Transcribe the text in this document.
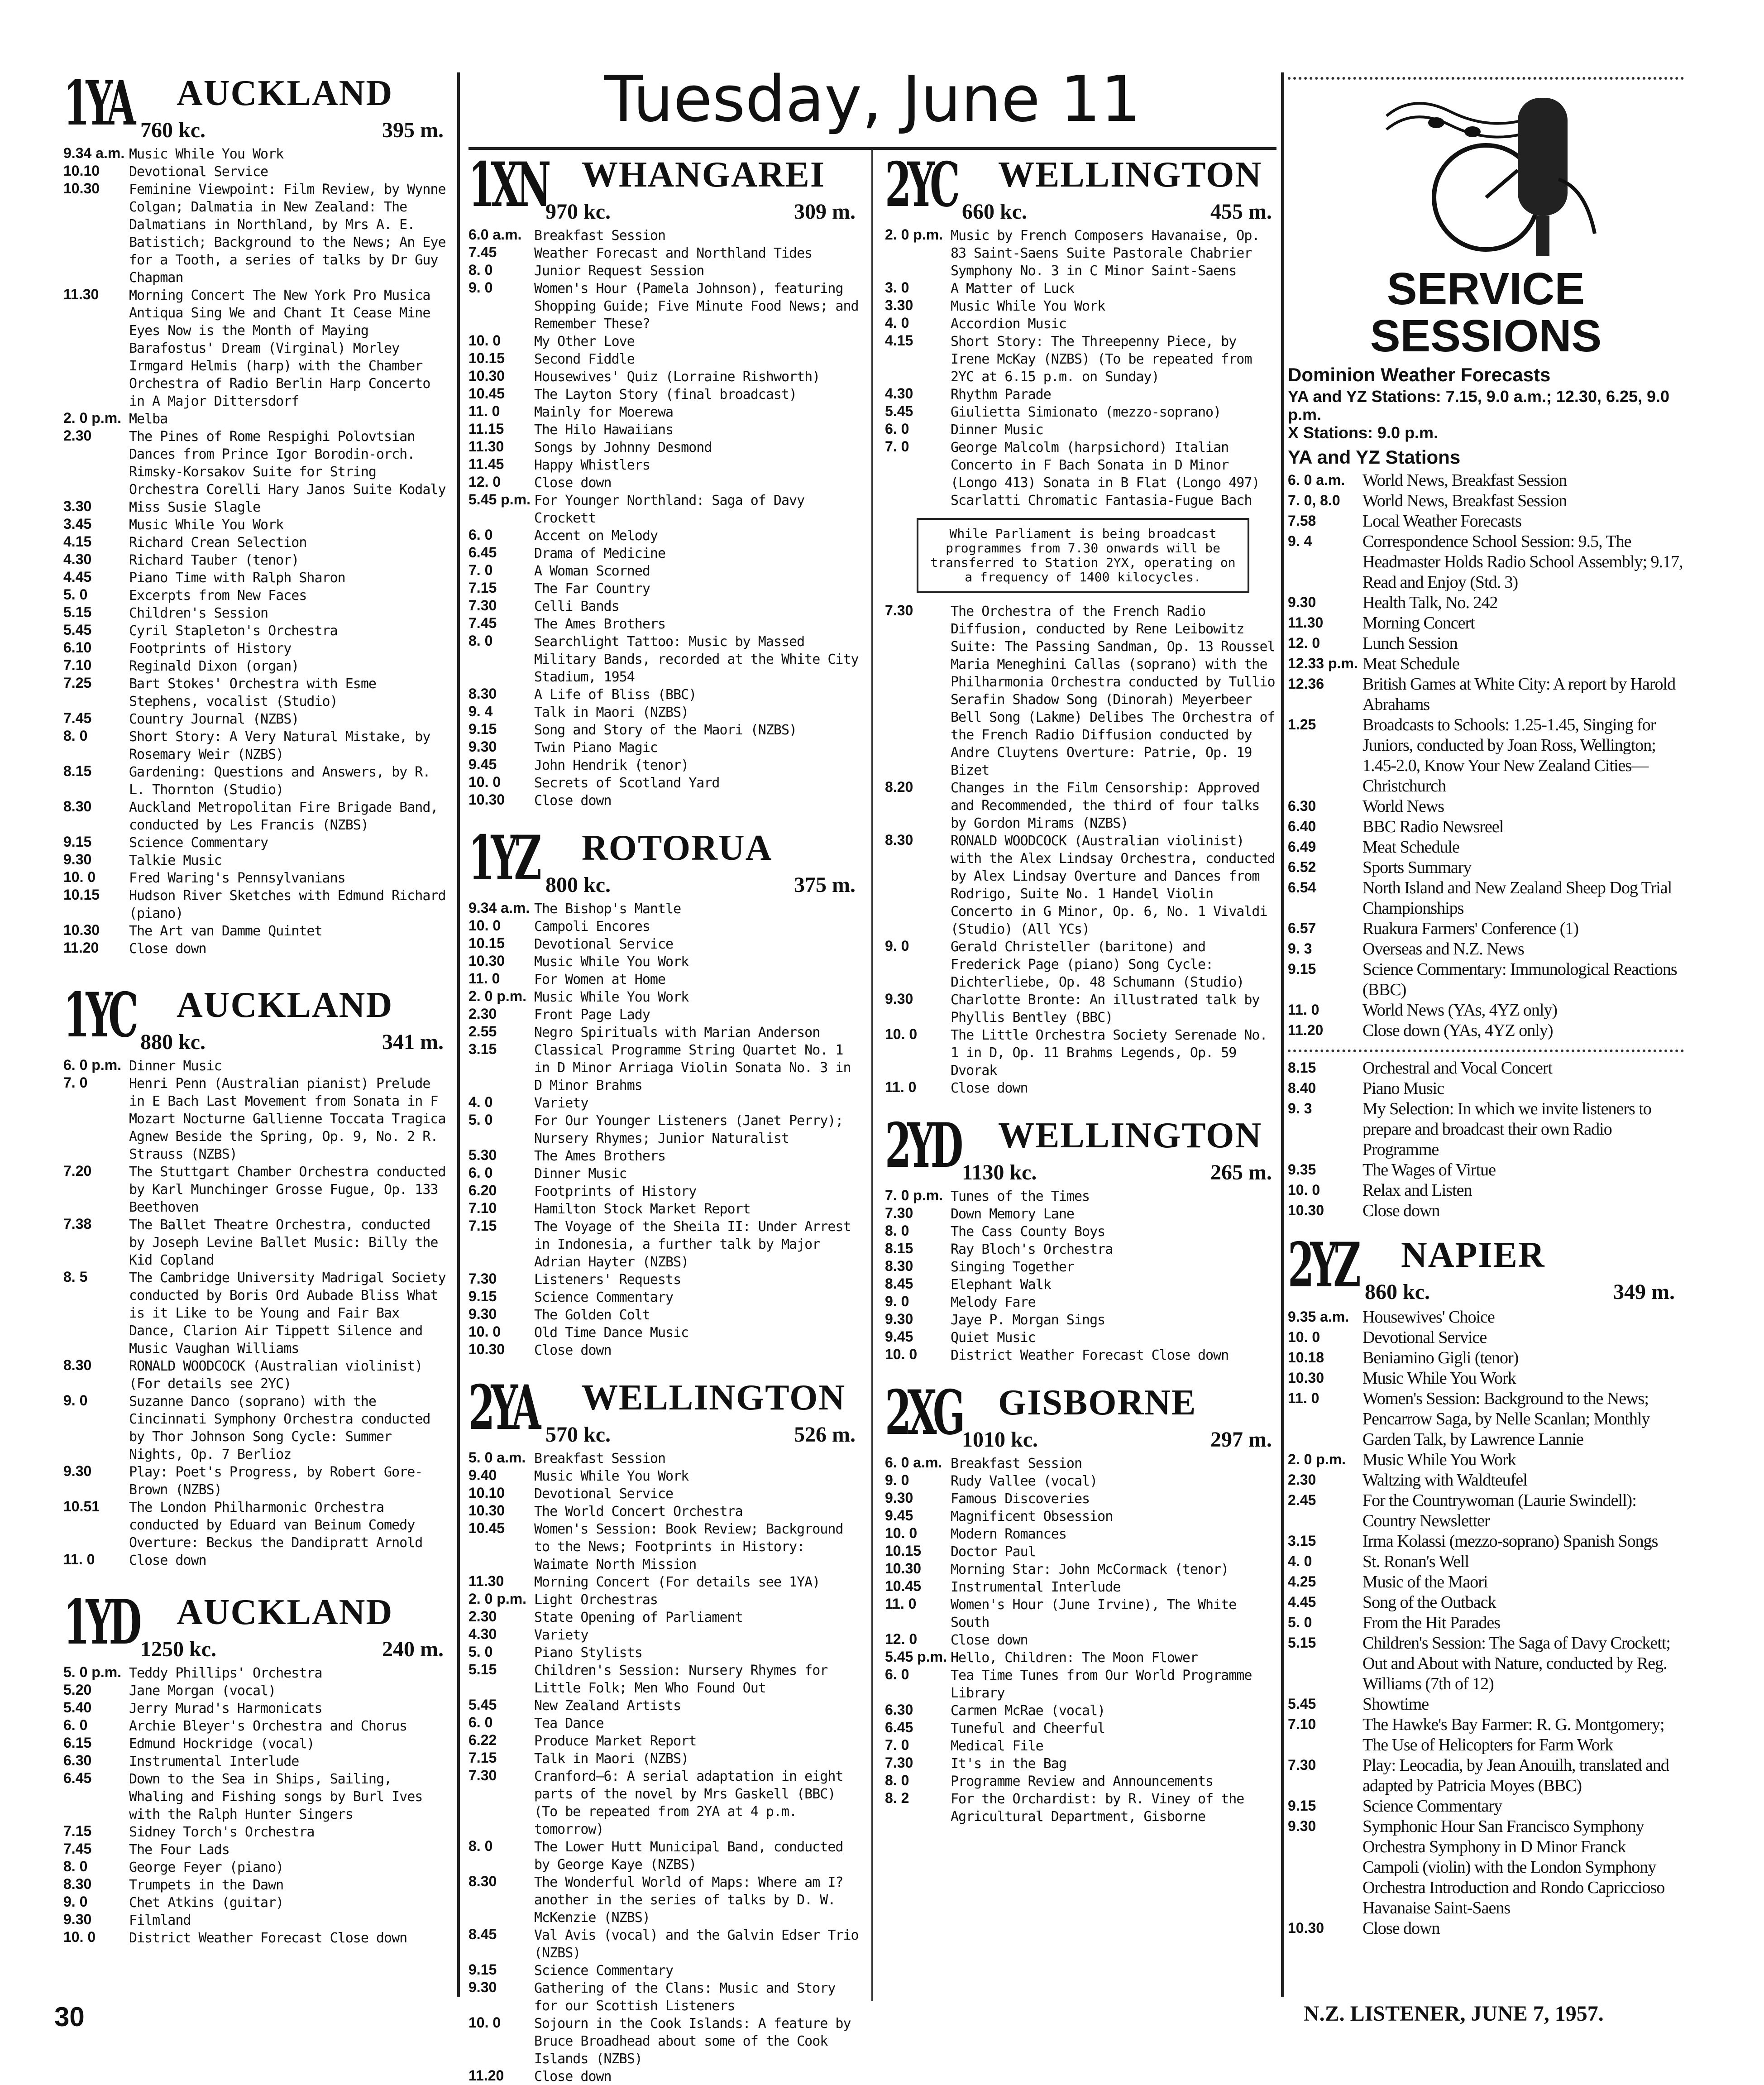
Tuesday, June 11
1YA AUCKLAND
760 kc.	395 m.
9.34 a.m. Music While You Work
10.10 Devotional Service
10.30 Feminine Viewpoint: Film Review, by Wynne Colgan; Dalmatia in New Zealand: The Dalmatians in Northland, by Mrs A. E. Batistich; Background to the News; An Eye for a Tooth, a series of talks by Dr Guy Chapman
11.30 Morning Concert The New York Pro Musica Antiqua Sing We and Chant It Cease Mine Eyes Now is the Month of Maying Barafostus' Dream (Virginal) Morley Irmgard Helmis (harp) with the Chamber Orchestra of Radio Berlin Harp Concerto in A Major Dittersdorf
2. 0 p.m. Melba
2.30	The Pines of Rome Respighi Polovtsian Dances from Prince Igor Borodin-orch. Rimsky-Korsakov Suite for String Orchestra Corelli Hary Janos Suite Kodaly
3.30	Miss Susie Slagle
3.45	Music While You Work
4.15	Richard Crean Selection
4.30	Richard Tauber (tenor)
4.45	Piano Time with Ralph Sharon
5. 0	Excerpts from New Faces
5.15	Children's Session
5.45	Cyril Stapleton's Orchestra
6.10	Footprints of History
7.10	Reginald Dixon (organ)
7.25	Bart Stokes' Orchestra with Esme Stephens, vocalist (Studio)
7.45	Country Journal (NZBS)
8. 0	Short Story: A Very Natural Mistake, by Rosemary Weir (NZBS)
8.15	Gardening: Questions and Answers, by R. L. Thornton (Studio)
8.30	Auckland Metropolitan Fire Brigade Band, conducted by Les Francis (NZBS)
9.15	Science Commentary
9.30	Talkie Music
10. 0 Fred Waring's Pennsylvanians
10.15 Hudson River Sketches with Edmund Richard (piano)
10.30 The Art van Damme Quintet
11.20 Close down
1YC AUCKLAND
880 kc.	341 m.
6. 0 p.m. Dinner Music
7. 0	Henri Penn (Australian pianist) Prelude in E Bach Last Movement from Sonata in F Mozart Nocturne Gallienne Toccata Tragica Agnew Beside the Spring, Op. 9, No. 2 R. Strauss (NZBS)
7.20	The Stuttgart Chamber Orchestra conducted by Karl Munchinger Grosse Fugue, Op. 133 Beethoven
7.38	The Ballet Theatre Orchestra, conducted by Joseph Levine Ballet Music: Billy the Kid Copland
8. 5	The Cambridge University Madrigal Society conducted by Boris Ord Aubade Bliss What is it Like to be Young and Fair Bax Dance, Clarion Air Tippett Silence and Music Vaughan Williams
8.30	RONALD WOODCOCK (Australian violinist) (For details see 2YC)
9. 0	Suzanne Danco (soprano) with the Cincinnati Symphony Orchestra conducted by Thor Johnson Song Cycle: Summer Nights, Op. 7 Berlioz
9.30	Play: Poet's Progress, by Robert Gore-Brown (NZBS)
10.51 The London Philharmonic Orchestra conducted by Eduard van Beinum Comedy Overture: Beckus the Dandipratt Arnold
11. 0	Close down
1YD AUCKLAND
1250 kc.	240 m.
5. 0 p.m. Teddy Phillips' Orchestra
5.20	Jane Morgan (vocal)
5.40	Jerry Murad's Harmonicats
6. 0	Archie Bleyer's Orchestra and Chorus
6.15	Edmund Hockridge (vocal)
6.30	Instrumental Interlude
6.45	Down to the Sea in Ships, Sailing, Whaling and Fishing songs by Burl Ives with the Ralph Hunter Singers
7.15	Sidney Torch's Orchestra
7.45	The Four Lads
8. 0	George Feyer (piano)
8.30	Trumpets in the Dawn
9. 0	Chet Atkins (guitar)
9.30	Filmland
10. 0 District Weather Forecast Close down
1XN WHANGAREI
970 kc.	309 m.
6.0 a.m. Breakfast Session
7.45	Weather Forecast and Northland Tides
8. 0	Junior Request Session
9. 0	Women's Hour (Pamela Johnson), featuring Shopping Guide; Five Minute Food News; and Remember These?
10. 0 My Other Love
10.15 Second Fiddle
10.30 Housewives' Quiz (Lorraine Rishworth)
10.45 The Layton Story (final broadcast)
11. 0	Mainly for Moerewa
11.15 The Hilo Hawaiians
11.30 Songs by Johnny Desmond
11.45 Happy Whistlers
12. 0 Close down
5.45 p.m. For Younger Northland: Saga of Davy Crockett
6. 0	Accent on Melody
6.45	Drama of Medicine
7. 0	A Woman Scorned
7.15	The Far Country
7.30	Celli Bands
7.45	The Ames Brothers
8. 0	Searchlight Tattoo: Music by Massed Military Bands, recorded at the White City Stadium, 1954
8.30	A Life of Bliss (BBC)
9. 4	Talk in Maori (NZBS)
9.15	Song and Story of the Maori (NZBS)
9.30	Twin Piano Magic
9.45	John Hendrik (tenor)
10. 0 Secrets of Scotland Yard
10.30 Close down
1YZ ROTORUA
800 kc.	375 m.
9.34 a.m. The Bishop's Mantle
10. 0 Campoli Encores
10.15 Devotional Service
10.30 Music While You Work
11. 0	For Women at Home
2. 0 p.m. Music While You Work
2.30	Front Page Lady
2.55	Negro Spirituals with Marian Anderson
3.15	Classical Programme String Quartet No. 1 in D Minor Arriaga Violin Sonata No. 3 in D Minor Brahms
4. 0	Variety
5. 0	For Our Younger Listeners (Janet Perry); Nursery Rhymes; Junior Naturalist
5.30	The Ames Brothers
6. 0	Dinner Music
6.20	Footprints of History
7.10	Hamilton Stock Market Report
7.15	The Voyage of the Sheila II: Under Arrest in Indonesia, a further talk by Major Adrian Hayter (NZBS)
7.30	Listeners' Requests
9.15	Science Commentary
9.30	The Golden Colt
10. 0 Old Time Dance Music
10.30 Close down
2YA WELLINGTON
570 kc.	526 m.
5. 0 a.m. Breakfast Session
9.40	Music While You Work
10.10 Devotional Service
10.30 The World Concert Orchestra
10.45 Women's Session: Book Review; Background to the News; Footprints in History: Waimate North Mission
11.30 Morning Concert (For details see 1YA)
2. 0 p.m. Light Orchestras
2.30	State Opening of Parliament
4.30	Variety
5. 0	Piano Stylists
5.15	Children's Session: Nursery Rhymes for Little Folk; Men Who Found Out
5.45	New Zealand Artists
6. 0	Tea Dance
6.22	Produce Market Report
7.15	Talk in Maori (NZBS)
7.30	Cranford—6: A serial adaptation in eight parts of the novel by Mrs Gaskell (BBC) (To be repeated from 2YA at 4 p.m. tomorrow)
8. 0	The Lower Hutt Municipal Band, conducted by George Kaye (NZBS)
8.30	The Wonderful World of Maps: Where am I? another in the series of talks by D. W. McKenzie (NZBS)
8.45	Val Avis (vocal) and the Galvin Edser Trio (NZBS)
9.15	Science Commentary
9.30	Gathering of the Clans: Music and Story for our Scottish Listeners
10. 0 Sojourn in the Cook Islands: A feature by Bruce Broadhead about some of the Cook Islands (NZBS)
11.20 Close down
2YC WELLINGTON
660 kc.	455 m.
2. 0 p.m. Music by French Composers Havanaise, Op. 83 Saint-Saens Suite Pastorale Chabrier Symphony No. 3 in C Minor Saint-Saens
3. 0	A Matter of Luck
3.30	Music While You Work
4. 0	Accordion Music
4.15	Short Story: The Threepenny Piece, by Irene McKay (NZBS) (To be repeated from 2YC at 6.15 p.m. on Sunday)
4.30	Rhythm Parade
5.45	Giulietta Simionato (mezzo-soprano)
6. 0	Dinner Music
7. 0	George Malcolm (harpsichord) Italian Concerto in F Bach Sonata in D Minor (Longo 413) Sonata in B Flat (Longo 497) Scarlatti Chromatic Fantasia-Fugue Bach
While Parliament is being broadcast programmes from 7.30 onwards will be transferred to Station 2YX, operating on a frequency of 1400 kilocycles.
7.30	The Orchestra of the French Radio Diffusion, conducted by Rene Leibowitz Suite: The Passing Sandman, Op. 13 Roussel Maria Meneghini Callas (soprano) with the Philharmonia Orchestra conducted by Tullio Serafin Shadow Song (Dinorah) Meyerbeer Bell Song (Lakme) Delibes The Orchestra of the French Radio Diffusion conducted by Andre Cluytens Overture: Patrie, Op. 19 Bizet
8.20	Changes in the Film Censorship: Approved and Recommended, the third of four talks by Gordon Mirams (NZBS)
8.30	RONALD WOODCOCK (Australian violinist) with the Alex Lindsay Orchestra, conducted by Alex Lindsay Overture and Dances from Rodrigo, Suite No. 1 Handel Violin Concerto in G Minor, Op. 6, No. 1 Vivaldi (Studio) (All YCs)
9. 0	Gerald Christeller (baritone) and Frederick Page (piano) Song Cycle: Dichterliebe, Op. 48 Schumann (Studio)
9.30	Charlotte Bronte: An illustrated talk by Phyllis Bentley (BBC)
10. 0 The Little Orchestra Society Serenade No. 1 in D, Op. 11 Brahms Legends, Op. 59 Dvorak
11. 0	Close down
2YD WELLINGTON
1130 kc.	265 m.
7. 0 p.m. Tunes of the Times
7.30	Down Memory Lane
8. 0	The Cass County Boys
8.15	Ray Bloch's Orchestra
8.30	Singing Together
8.45	Elephant Walk
9. 0	Melody Fare
9.30	Jaye P. Morgan Sings
9.45	Quiet Music
10. 0 District Weather Forecast Close down
2XG GISBORNE
1010 kc.	297 m.
6. 0 a.m. Breakfast Session
9. 0	Rudy Vallee (vocal)
9.30	Famous Discoveries
9.45	Magnificent Obsession
10. 0 Modern Romances
10.15 Doctor Paul
10.30 Morning Star: John McCormack (tenor)
10.45 Instrumental Interlude
11. 0	Women's Hour (June Irvine), The White South
12. 0 Close down
5.45 p.m. Hello, Children: The Moon Flower
6. 0	Tea Time Tunes from Our World Programme Library
6.30	Carmen McRae (vocal)
6.45	Tuneful and Cheerful
7. 0	Medical File
7.30	It's in the Bag
8. 0	Programme Review and Announcements
8. 2	For the Orchardist: by R. Viney of the Agricultural Department, Gisborne
SERVICE
SESSIONS
Dominion Weather Forecasts
YA and YZ Stations: 7.15, 9.0 a.m.; 12.30, 6.25, 9.0 p.m.
X Stations: 9.0 p.m.
YA and YZ Stations
6. 0 a.m. World News, Breakfast Session
7. 0, 8.0 World News, Breakfast Session
7.58	Local Weather Forecasts
9. 4	Correspondence School Session: 9.5, The Headmaster Holds Radio School Assembly; 9.17, Read and Enjoy (Std. 3)
9.30	Health Talk, No. 242
11.30 Morning Concert
12. 0 Lunch Session
12.33 p.m. Meat Schedule
12.36 British Games at White City: A report by Harold Abrahams
1.25	Broadcasts to Schools: 1.25-1.45, Singing for Juniors, conducted by Joan Ross, Wellington; 1.45-2.0, Know Your New Zealand Cities—Christchurch
6.30	World News
6.40	BBC Radio Newsreel
6.49	Meat Schedule
6.52	Sports Summary
6.54	North Island and New Zealand Sheep Dog Trial Championships
6.57	Ruakura Farmers' Conference (1)
9. 3	Overseas and N.Z. News
9.15	Science Commentary: Immunological Reactions (BBC)
11. 0	World News (YAs, 4YZ only)
11.20 Close down (YAs, 4YZ only)
8.15	Orchestral and Vocal Concert
8.40	Piano Music
9. 3	My Selection: In which we invite listeners to prepare and broadcast their own Radio Programme
9.35	The Wages of Virtue
10. 0 Relax and Listen
10.30 Close down
2YZ NAPIER
860 kc.	349 m.
9.35 a.m. Housewives' Choice
10. 0 Devotional Service
10.18 Beniamino Gigli (tenor)
10.30 Music While You Work
11. 0	Women's Session: Background to the News; Pencarrow Saga, by Nelle Scanlan; Monthly Garden Talk, by Lawrence Lannie
2. 0 p.m. Music While You Work
2.30	Waltzing with Waldteufel
2.45	For the Countrywoman (Laurie Swindell): Country Newsletter
3.15	Irma Kolassi (mezzo-soprano) Spanish Songs
4. 0	St. Ronan's Well
4.25	Music of the Maori
4.45	Song of the Outback
5. 0	From the Hit Parades
5.15	Children's Session: The Saga of Davy Crockett; Out and About with Nature, conducted by Reg. Williams (7th of 12)
5.45	Showtime
7.10	The Hawke's Bay Farmer: R. G. Montgomery; The Use of Helicopters for Farm Work
7.30	Play: Leocadia, by Jean Anouilh, translated and adapted by Patricia Moyes (BBC)
9.15	Science Commentary
9.30	Symphonic Hour San Francisco Symphony Orchestra Symphony in D Minor Franck Campoli (violin) with the London Symphony Orchestra Introduction and Rondo Capriccioso Havanaise Saint-Saens
10.30 Close down
30	N.Z. LISTENER, JUNE 7, 1957.
